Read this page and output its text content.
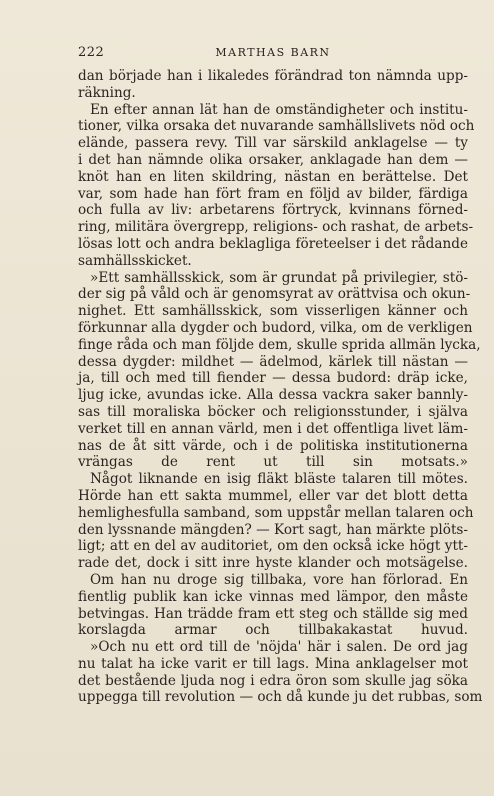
222	MARTHAS BARN
dan började han i likaledes förändrad ton nämnda upp-
räkning.
En efter annan lät han de omständigheter och institu-
tioner, vilka orsaka det nuvarande samhällslivets nöd och
elände, passera revy. Till var särskild anklagelse — ty
i det han nämnde olika orsaker, anklagade han dem —
knöt han en liten skildring, nästan en berättelse. Det
var, som hade han fört fram en följd av bilder, färdiga
och fulla av liv: arbetarens förtryck, kvinnans förned-
ring, militära övergrepp, religions- och rashat, de arbets-
lösas lott och andra beklagliga företeelser i det rådande
samhällsskicket.
»Ett samhällsskick, som är grundat på privilegier, stö-
der sig på våld och är genomsyrat av orättvisa och okun-
nighet. Ett samhällsskick, som visserligen känner och
förkunnar alla dygder och budord, vilka, om de verkligen
finge råda och man följde dem, skulle sprida allmän lycka,
dessa dygder: mildhet — ädelmod, kärlek till nästan —
ja, till och med till fiender — dessa budord: dräp icke,
ljug icke, avundas icke. Alla dessa vackra saker bannly-
sas till moraliska böcker och religionsstunder, i själva
verket till en annan värld, men i det offentliga livet läm-
nas de åt sitt värde, och i de politiska institutionerna
vrängas de rent ut till sin motsats.»
Något liknande en isig fläkt bläste talaren till mötes.
Hörde han ett sakta mummel, eller var det blott detta
hemlighesfulla samband, som uppstår mellan talaren och
den lyssnande mängden? — Kort sagt, han märkte plöts-
ligt; att en del av auditoriet, om den också icke högt ytt-
rade det, dock i sitt inre hyste klander och motsägelse.
Om han nu droge sig tillbaka, vore han förlorad. En
fientlig publik kan icke vinnas med lämpor, den måste
betvingas. Han trädde fram ett steg och ställde sig med
korslagda armar och tillbakakastat huvud.
»Och nu ett ord till de 'nöjda' här i salen. De ord jag
nu talat ha icke varit er till lags. Mina anklagelser mot
det bestående ljuda nog i edra öron som skulle jag söka
uppegga till revolution — och då kunde ju det rubbas, som
